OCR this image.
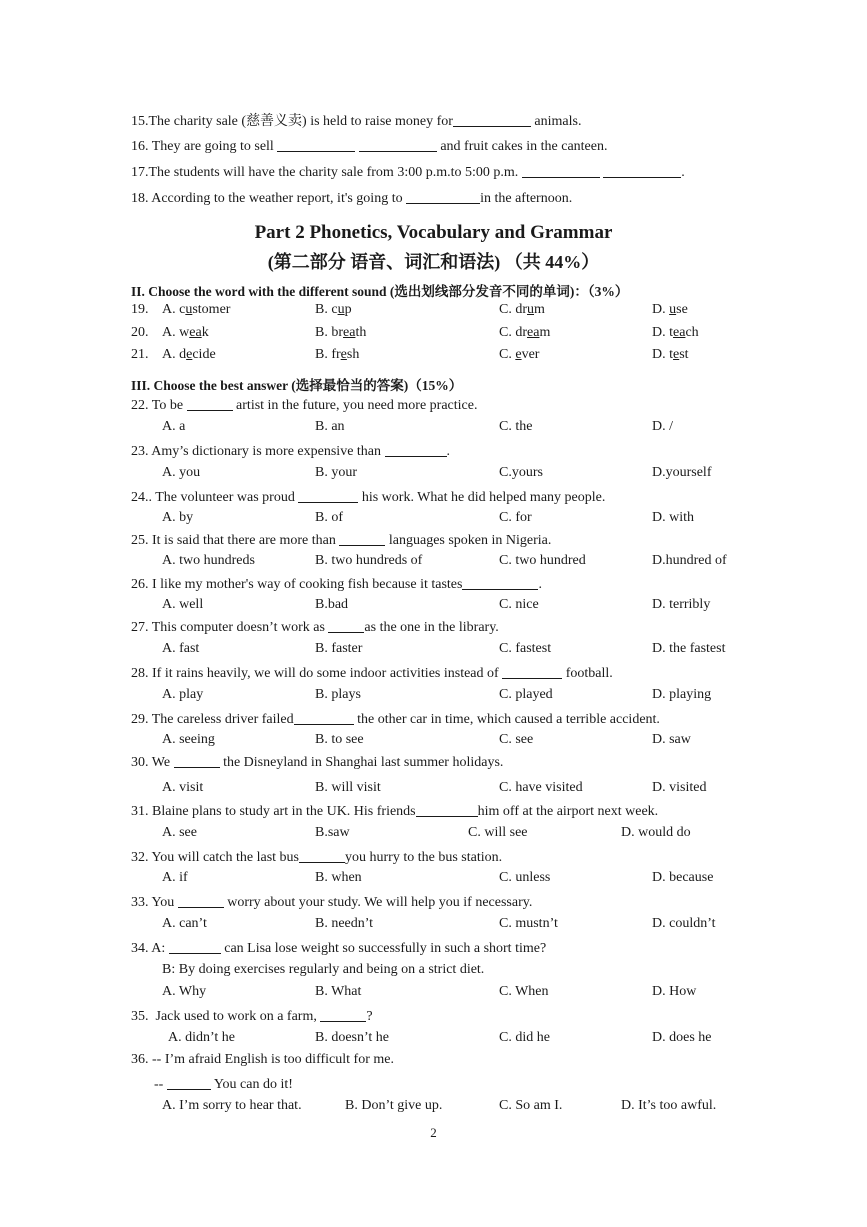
15.The charity sale (慈善义卖) is held to raise money for	animals.
16. They are going to sell	and fruit cakes in the canteen.
17.The students will have the charity sale from 3:00 p.m.to 5:00 p.m.	.
18. According to the weather report, it's going to	in the afternoon.
Part 2 Phonetics, Vocabulary and Grammar
(第二部分 语音、词汇和语法) （共 44%）
II. Choose the word with the different sound (选出划线部分发音不同的单词)：（3%）
19. A. customer	B. cup	C. drum	D. use
20. A. weak	B. breath	C. dream	D. teach
21. A. decide	B. fresh	C. ever	D. test
III. Choose the best answer (选择最恰当的答案)（15%）
22. To be	artist in the future, you need more practice.
A. a	B. an	C. the	D. /
23. Amy’s dictionary is more expensive than	.
A. you	B. your	C.yours	D.yourself
24.. The volunteer was proud	his work. What he did helped many people.
A. by	B. of	C. for	D. with
25. It is said that there are more than	languages spoken in Nigeria.
A. two hundreds	B. two hundreds of	C. two hundred	D.hundred of
26. I like my mother's way of cooking fish because it tastes	.
A. well	B.bad	C. nice	D. terribly
27. This computer doesn’t work as	as the one in the library.
A. fast	B. faster	C. fastest	D. the fastest
28. If it rains heavily, we will do some indoor activities instead of	football.
A. play	B. plays	C. played	D. playing
29. The careless driver failed	the other car in time, which caused a terrible accident.
A. seeing	B. to see	C. see	D. saw
30. We	the Disneyland in Shanghai last summer holidays.
A. visit	B. will visit	C. have visited	D. visited
31. Blaine plans to study art in the UK. His friends	him off at the airport next week.
A. see	B.saw	C. will see	D. would do
32. You will catch the last bus	you hurry to the bus station.
A. if	B. when	C. unless	D. because
33. You	worry about your study. We will help you if necessary.
A. can’t	B. needn’t	C. mustn’t	D. couldn’t
34. A:	can Lisa lose weight so successfully in such a short time?
B: By doing exercises regularly and being on a strict diet.
A. Why	B. What	C. When	D. How
35. Jack used to work on a farm,	?
A. didn’t he	B. doesn’t he	C. did he	D. does he
36. -- I’m afraid English is too difficult for me.
--	You can do it!
A. I’m sorry to hear that.	B. Don’t give up.	C. So am I.	D. It’s too awful.
2
